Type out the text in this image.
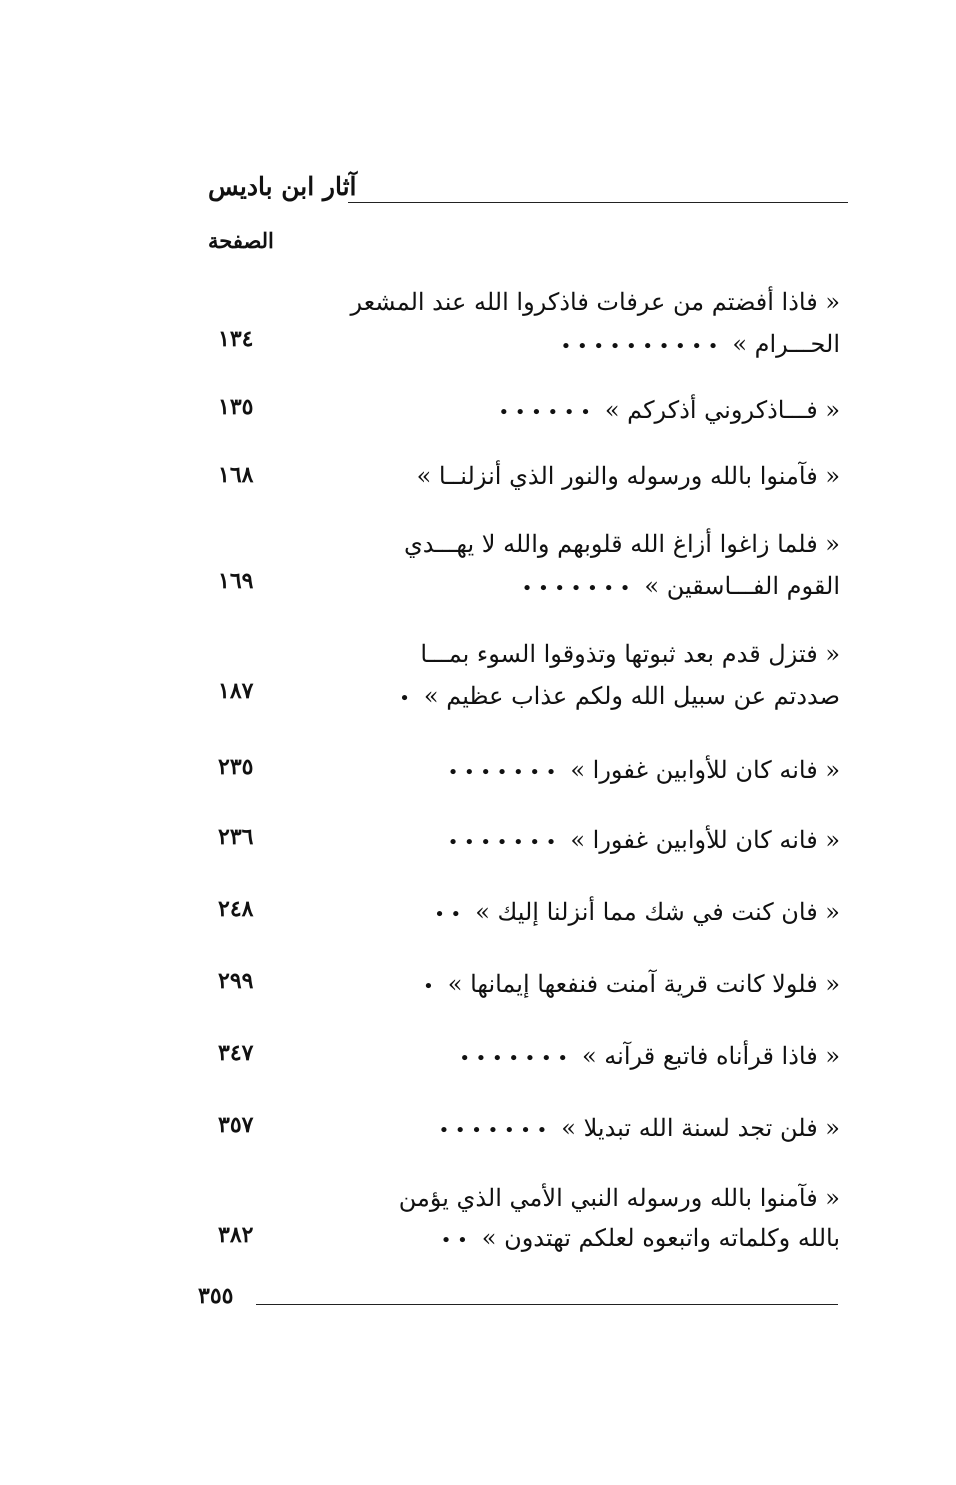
آثار ابن باديس
الصفحة
« فاذا أفضتم من عرفات فاذكروا الله عند المشعر
الحـــرام »• • • • • • • • • •
١٣٤
« فـــاذكروني أذكركم »• • • • • •
١٣٥
« فآمنوا بالله ورسوله والنور الذي أنزلنــا »
١٦٨
« فلما زاغوا أزاغ الله قلوبهم والله لا يهـــدي
القوم الفـــاسقين »• • • • • • •
١٦٩
« فتزل قدم بعد ثبوتها وتذوقوا السوء بمـــا
صددتم عن سبيل الله ولكم عذاب عظيم »•
١٨٧
« فانه كان للأوابين غفورا »• • • • • • •
٢٣٥
« فانه كان للأوابين غفورا »• • • • • • •
٢٣٦
« فان كنت في شك مما أنزلنا إليك »• •
٢٤٨
« فلولا كانت قرية آمنت فنفعها إيمانها »•
٢٩٩
« فاذا قرأناه فاتبع قرآنه »• • • • • • •
٣٤٧
« فلن تجد لسنة الله تبديلا »• • • • • • •
٣٥٧
« فآمنوا بالله ورسوله النبي الأمي الذي يؤمن
بالله وكلماته واتبعوه لعلكم تهتدون »• •
٣٨٢
٣٥٥
